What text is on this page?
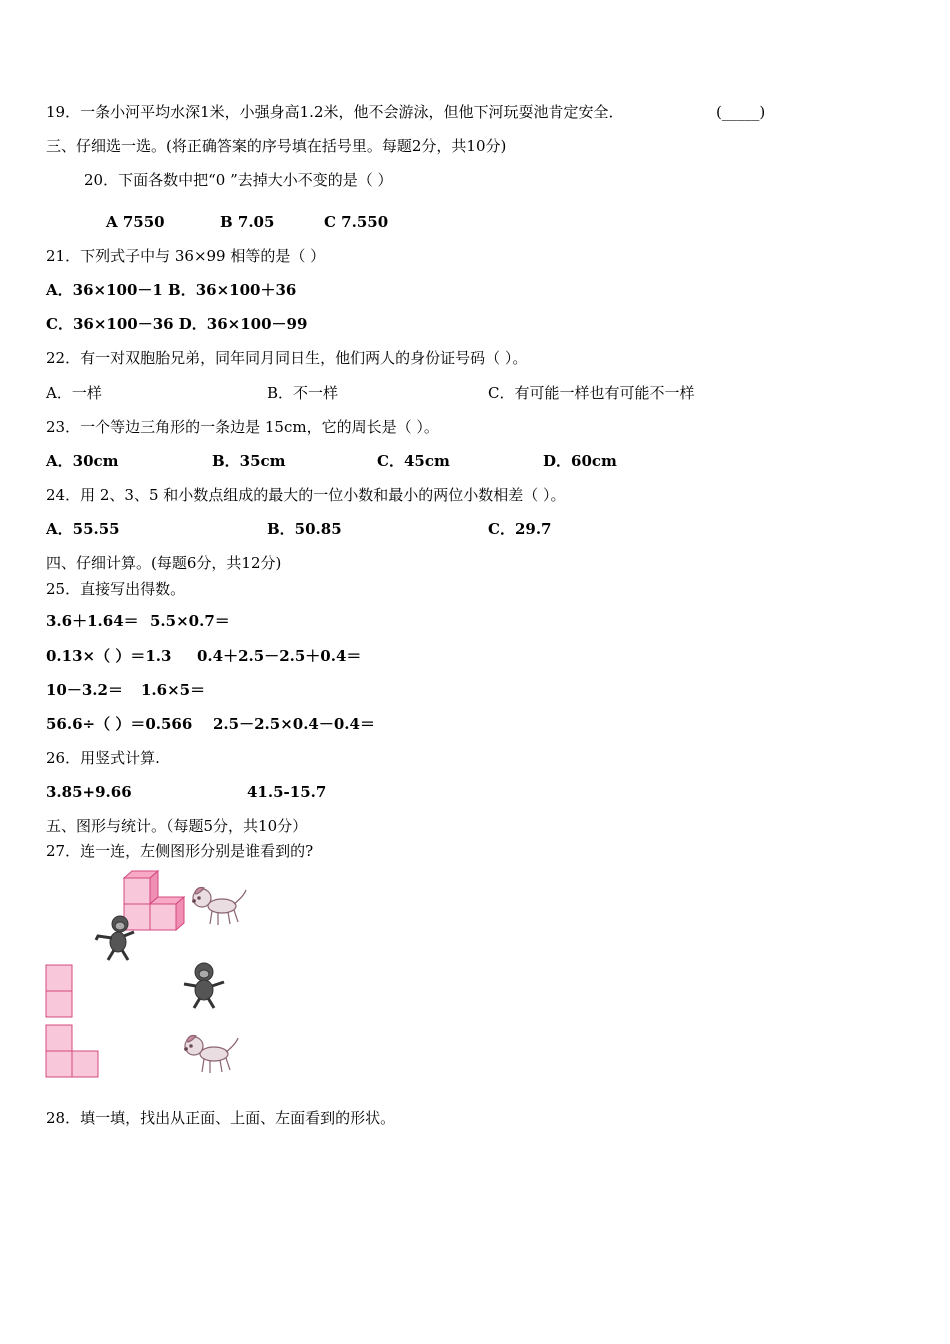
19．一条小河平均水深1米，小强身高1.2米，他不会游泳，但他下河玩耍池肯定安全．	(_____)
三、仔细选一选。(将正确答案的序号填在括号里。每题2分，共10分)
20．下面各数中把“0 ”去掉大小不变的是（ ）
A 7550	B 7.05	C 7.550
21．下列式子中与 36×99 相等的是（ ）
A．36×100－1 B．36×100＋36
C．36×100－36 D．36×100－99
22．有一对双胞胎兄弟，同年同月同日生，他们两人的身份证号码（ ）。
A．一样	B．不一样	C．有可能一样也有可能不一样
23．一个等边三角形的一条边是 15cm，它的周长是（ ）。
A．30cm	B．35cm	C．45cm	D．60cm
24．用 2、3、5 和小数点组成的最大的一位小数和最小的两位小数相差（ ）。
A．55.55	B．50.85	C．29.7
四、仔细计算。(每题6分，共12分)
25．直接写出得数。
3.6＋1.64＝ 5.5×0.7＝
0.13×（ ）＝1.3 0.4＋2.5－2.5＋0.4＝
10－3.2＝ 1.6×5＝
56.6÷（ ）＝0.566 2.5－2.5×0.4－0.4＝
26．用竖式计算.
3.85+9.66	41.5-15.7
五、图形与统计。（每题5分，共10分）
27．连一连，左侧图形分别是谁看到的?
28．填一填，找出从正面、上面、左面看到的形状。
